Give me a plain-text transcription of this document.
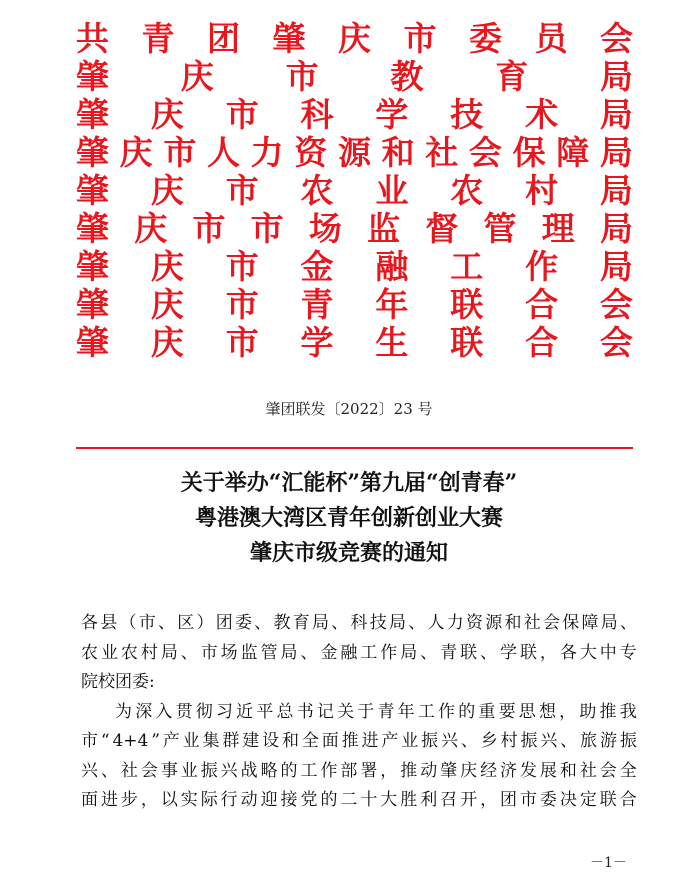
共 青 团 肇 庆 市 委 员 会
肇 庆 市 教 育 局
肇 庆 市 科 学 技 术 局
肇 庆 市 人 力 资 源 和 社 会 保 障 局
肇 庆 市 农 业 农 村 局
肇 庆 市 市 场 监 督 管 理 局
肇 庆 市 金 融 工 作 局
肇 庆 市 青 年 联 合 会
肇 庆 市 学 生 联 合 会
肇团联发〔2022〕23 号
关于举办“汇能杯”第九届“创青春”
粤港澳大湾区青年创新创业大赛
肇庆市级竞赛的通知
各 县 （ 市 、 区 ） 团 委 、 教 育 局 、 科 技 局 、 人 力 资 源 和 社 会 保 障 局 、
农 业 农 村 局 、 市 场 监 管 局 、 金 融 工 作 局 、 青 联 、 学 联 ， 各 大 中 专
院校团委:
为 深 入 贯 彻 习 近 平 总 书 记 关 于 青 年 工 作 的 重 要 思 想 ， 助 推 我
市 “ 4+4 ” 产 业 集 群 建 设 和 全 面 推 进 产 业 振 兴 、 乡 村 振 兴 、 旅 游 振
兴 、 社 会 事 业 振 兴 战 略 的 工 作 部 署 ， 推 动 肇 庆 经 济 发 展 和 社 会 全
面 进 步 ， 以 实 际 行 动 迎 接 党 的 二 十 大 胜 利 召 开 ， 团 市 委 决 定 联 合
－1－
